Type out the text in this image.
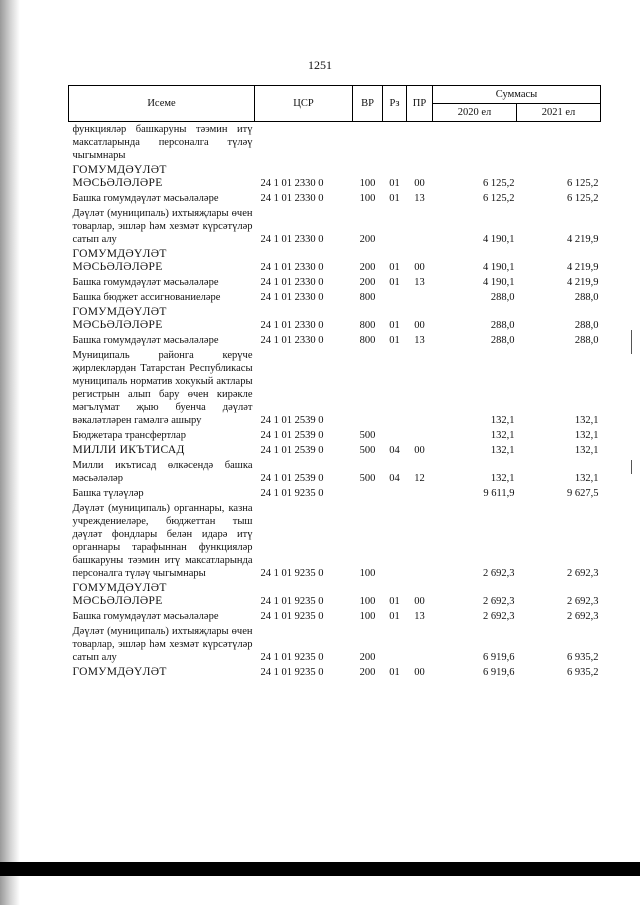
1251
Исеме	ЦСР	ВР	Рз	ПР	Суммасы	
					2020 ел	2021 ел
функцияләр башкаруны тәэмин итү максатларында персоналга түләү чыгымнары						
ГОМУМДӘҮЛӘТ МӘСЬӘЛӘЛӘРЕ	24 1 01 2330 0	100	01	00	6 125,2	6 125,2
Башка гомумдәүләт мәсьәләләре	24 1 01 2330 0	100	01	13	6 125,2	6 125,2
Дәүләт (муниципаль) ихтыяҗлары өчен товарлар, эшләр һәм хезмәт күрсәтүләр сатып алу	24 1 01 2330 0	200			4 190,1	4 219,9
ГОМУМДӘҮЛӘТ МӘСЬӘЛӘЛӘРЕ	24 1 01 2330 0	200	01	00	4 190,1	4 219,9
Башка гомумдәүләт мәсьәләләре	24 1 01 2330 0	200	01	13	4 190,1	4 219,9
Башка бюджет ассигнованиеләре	24 1 01 2330 0	800			288,0	288,0
ГОМУМДӘҮЛӘТ МӘСЬӘЛӘЛӘРЕ	24 1 01 2330 0	800	01	00	288,0	288,0
Башка гомумдәүләт мәсьәләләре	24 1 01 2330 0	800	01	13	288,0	288,0
Муниципаль районга керүче җирлекләрдән Татарстан Республикасы муниципаль норматив хокукый актлары регистрын алып бару өчен кирәкле мәгълүмат җыю буенча дәүләт вәкаләтләрен гамәлгә ашыру	24 1 01 2539 0				132,1	132,1
Бюджетара трансфертлар	24 1 01 2539 0	500			132,1	132,1
МИЛЛИ ИКЪТИСАД	24 1 01 2539 0	500	04	00	132,1	132,1
Милли икътисад өлкәсендә башка мәсьәләләр	24 1 01 2539 0	500	04	12	132,1	132,1
Башка түләүләр	24 1 01 9235 0				9 611,9	9 627,5
Дәүләт (муниципаль) органнары, казна учреждениеләре, бюджеттан тыш дәүләт фондлары белән идарә итү органнары тарафыннан функцияләр башкаруны тәэмин итү максатларында персоналга түләү чыгымнары	24 1 01 9235 0	100			2 692,3	2 692,3
ГОМУМДӘҮЛӘТ МӘСЬӘЛӘЛӘРЕ	24 1 01 9235 0	100	01	00	2 692,3	2 692,3
Башка гомумдәүләт мәсьәләләре	24 1 01 9235 0	100	01	13	2 692,3	2 692,3
Дәүләт (муниципаль) ихтыяҗлары өчен товарлар, эшләр һәм хезмәт күрсәтүләр сатып алу	24 1 01 9235 0	200			6 919,6	6 935,2
ГОМУМДӘҮЛӘТ	24 1 01 9235 0	200	01	00	6 919,6	6 935,2
